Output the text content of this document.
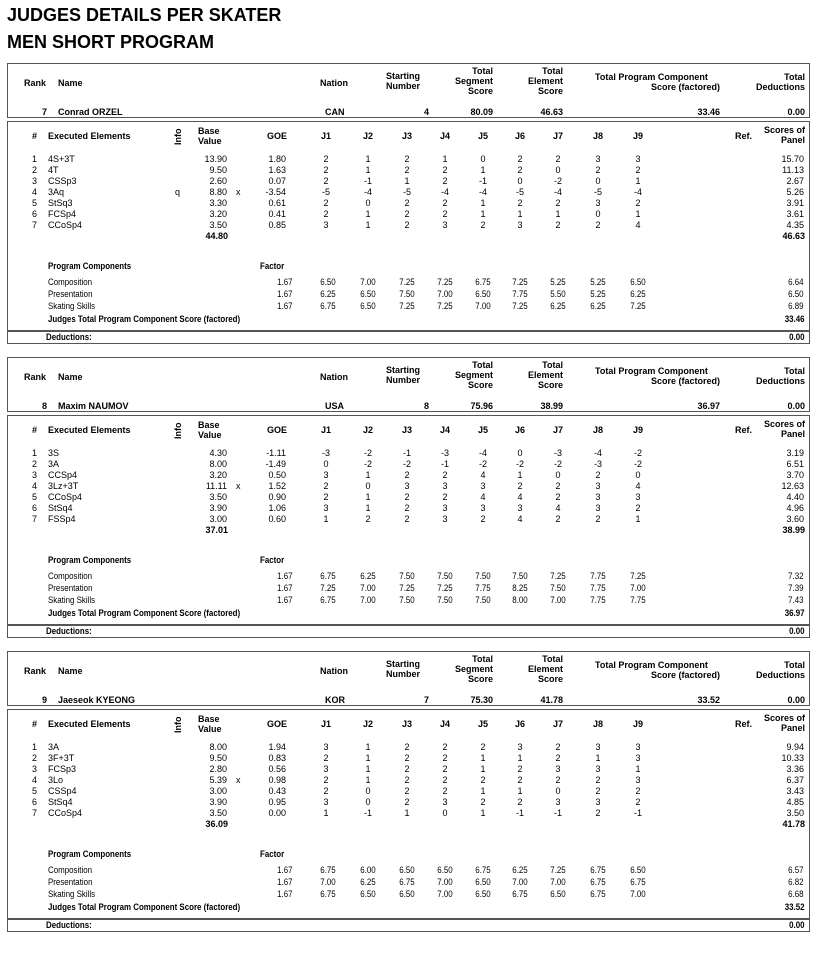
JUDGES DETAILS PER SKATER
MEN SHORT PROGRAM
Rank Name	Nation
Starting
Number
Total
Segment
Score
Total
Element
Score
Total Program Component
Score (factored)
Total
Deductions
7 Conrad ORZEL	CAN	4	80.09	46.63	33.46	0.00
# Executed Elements	Info Base
Value	GOE	J1	J2	J3	J4	J5	J6	J7	J8	J9	Ref.
Scores of
Panel
1 4S+3T	13.90	1.80	2	1	2	1	0	2	2	3	3	15.70
2 4T	9.50	1.63	2	1	2	2	1	2	0	2	2	11.13
3 CSSp3	2.60	0.07	2	-1	1	2	-1	0	-2	0	1	2.67
4 3Aq	q	8.80 x	-3.54	-5	-4	-5	-4	-4	-5	-4	-5	-4	5.26
5 StSq3	3.30	0.61	2	0	2	2	1	2	2	3	2	3.91
6 FCSp4	3.20	0.41	2	1	2	2	1	1	1	0	1	3.61
7 CCoSp4	3.50	0.85	3	1	2	3	2	3	2	2	4	4.35
44.80	46.63
Program Components	Factor
Composition	1.67	6.50	7.00	7.25	7.25	6.75	7.25	5.25	5.25	6.50	6.64
Presentation	1.67	6.25	6.50	7.50	7.00	6.50	7.75	5.50	5.25	6.25	6.50
Skating Skills	1.67	6.75	6.50	7.25	7.25	7.00	7.25	6.25	6.25	7.25	6.89
Judges Total Program Component Score (factored)	33.46
Deductions:	0.00
Rank Name	Nation
Starting
Number
Total
Segment
Score
Total
Element
Score
Total Program Component
Score (factored)
Total
Deductions
8 Maxim NAUMOV	USA	8	75.96	38.99	36.97	0.00
# Executed Elements	Info Base
Value	GOE	J1	J2	J3	J4	J5	J6	J7	J8	J9	Ref.
Scores of
Panel
1 3S	4.30	-1.11	-3	-2	-1	-3	-4	0	-3	-4	-2	3.19
2 3A	8.00	-1.49	0	-2	-2	-1	-2	-2	-2	-3	-2	6.51
3 CCSp4	3.20	0.50	3	1	2	2	4	1	0	2	0	3.70
4 3Lz+3T	11.11 x	1.52	2	0	3	3	3	2	2	3	4	12.63
5 CCoSp4	3.50	0.90	2	1	2	2	4	4	2	3	3	4.40
6 StSq4	3.90	1.06	3	1	2	3	3	3	4	3	2	4.96
7 FSSp4	3.00	0.60	1	2	2	3	2	4	2	2	1	3.60
37.01	38.99
Program Components	Factor
Composition	1.67	6.75	6.25	7.50	7.50	7.50	7.50	7.25	7.75	7.25	7.32
Presentation	1.67	7.25	7.00	7.25	7.25	7.75	8.25	7.50	7.75	7.00	7.39
Skating Skills	1.67	6.75	7.00	7.50	7.50	7.50	8.00	7.00	7.75	7.75	7.43
Judges Total Program Component Score (factored)	36.97
Deductions:	0.00
Rank Name	Nation
Starting
Number
Total
Segment
Score
Total
Element
Score
Total Program Component
Score (factored)
Total
Deductions
9 Jaeseok KYEONG	KOR	7	75.30	41.78	33.52	0.00
# Executed Elements	Info Base
Value	GOE	J1	J2	J3	J4	J5	J6	J7	J8	J9	Ref.
Scores of
Panel
1 3A	8.00	1.94	3	1	2	2	2	3	2	3	3	9.94
2 3F+3T	9.50	0.83	2	1	2	2	1	1	2	1	3	10.33
3 FCSp3	2.80	0.56	3	1	2	2	1	2	3	3	1	3.36
4 3Lo	5.39 x	0.98	2	1	2	2	2	2	2	2	3	6.37
5 CSSp4	3.00	0.43	2	0	2	2	1	1	0	2	2	3.43
6 StSq4	3.90	0.95	3	0	2	3	2	2	3	3	2	4.85
7 CCoSp4	3.50	0.00	1	-1	1	0	1	-1	-1	2	-1	3.50
36.09	41.78
Program Components	Factor
Composition	1.67	6.75	6.00	6.50	6.50	6.75	6.25	7.25	6.75	6.50	6.57
Presentation	1.67	7.00	6.25	6.75	7.00	6.50	7.00	7.00	6.75	6.75	6.82
Skating Skills	1.67	6.75	6.50	6.50	7.00	6.50	6.75	6.50	6.75	7.00	6.68
Judges Total Program Component Score (factored)	33.52
Deductions:	0.00
